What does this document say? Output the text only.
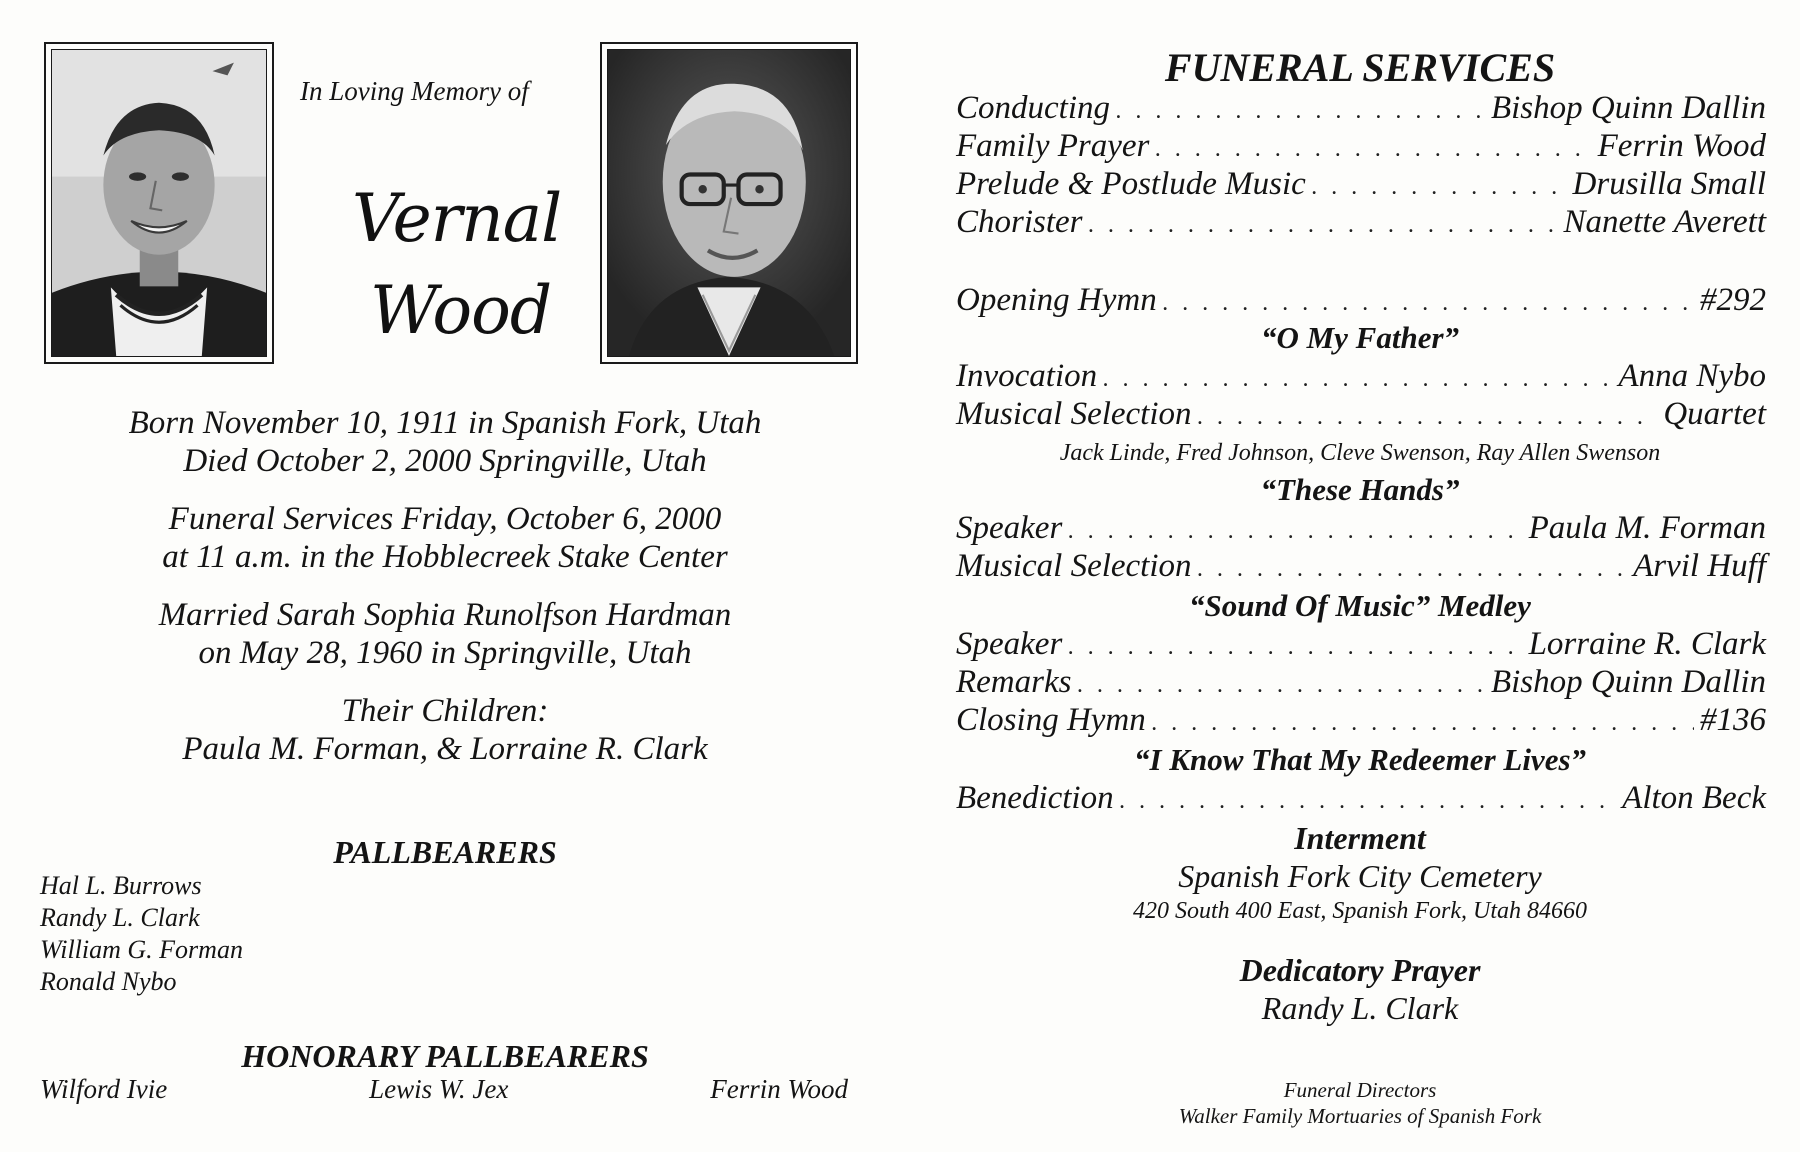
In Loving Memory of
Vernal
Wood
Born November 10, 1911 in Spanish Fork, Utah
Died October 2, 2000 Springville, Utah
Funeral Services Friday, October 6, 2000
at 11 a.m. in the Hobblecreek Stake Center
Married Sarah Sophia Runolfson Hardman
on May 28, 1960 in Springville, Utah
Their Children:
Paula M. Forman, & Lorraine R. Clark
PALLBEARERS
Hal L. Burrows
Randy L. Clark
William G. Forman
Ronald Nybo
HONORARY PALLBEARERS
Wilford Ivie	Lewis W. Jex	Ferrin Wood
FUNERAL SERVICES
Conducting . . .	Bishop Quinn Dallin
Family Prayer . . .	Ferrin Wood
Prelude & Postlude Music . . .	Drusilla Small
Chorister . . .	Nanette Averett
Opening Hymn . . .	#292
“O My Father”
Invocation . . .	Anna Nybo
Musical Selection . . .	Quartet
Jack Linde, Fred Johnson, Cleve Swenson, Ray Allen Swenson
“These Hands”
Speaker . . .	Paula M. Forman
Musical Selection . . .	Arvil Huff
“Sound Of Music” Medley
Speaker . . .	Lorraine R. Clark
Remarks . . .	Bishop Quinn Dallin
Closing Hymn . . .	#136
“I Know That My Redeemer Lives”
Benediction . . .	Alton Beck
Interment
Spanish Fork City Cemetery
420 South 400 East, Spanish Fork, Utah 84660
Dedicatory Prayer
Randy L. Clark
Funeral Directors
Walker Family Mortuaries of Spanish Fork
